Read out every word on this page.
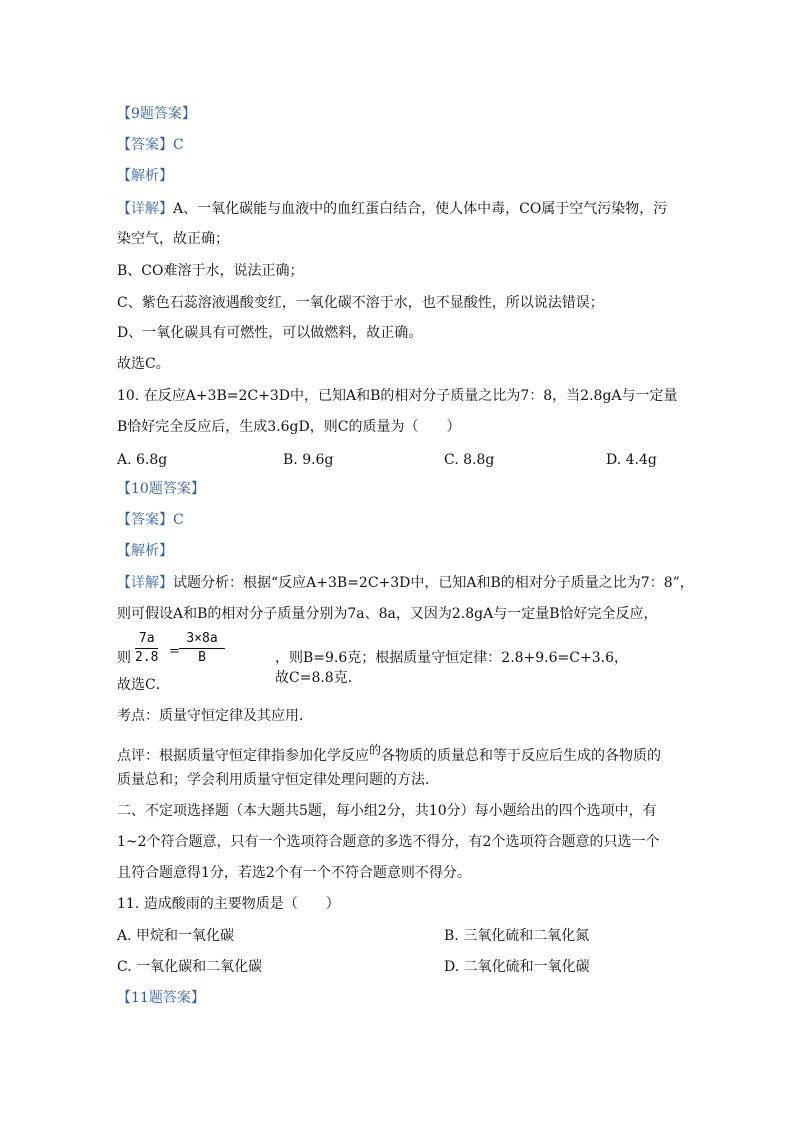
【9题答案】
【答案】C
【解析】
【详解】A、一氧化碳能与血液中的血红蛋白结合，使人体中毒，CO属于空气污染物，污
染空气，故正确；
B、CO难溶于水，说法正确；
C、紫色石蕊溶液遇酸变红，一氧化碳不溶于水，也不显酸性，所以说法错误；
D、一氧化碳具有可燃性，可以做燃料，故正确。
故选C。
10. 在反应A+3B=2C+3D中，已知A和B的相对分子质量之比为7：8，当2.8gA与一定量
B恰好完全反应后，生成3.6gD，则C的质量为（　　）
A. 6.8g	B. 9.6g	C. 8.8g	D. 4.4g
【10题答案】
【答案】C
【解析】
【详解】试题分析：根据“反应A+3B=2C+3D中，已知A和B的相对分子质量之比为7：8”，
则可假设A和B的相对分子质量分别为7a、8a，又因为2.8gA与一定量B恰好完全反应，
则 $\frac{7a}{2.8} = \frac{3\times 8a}{B}$	，则B=9.6克；根据质量守恒定律：2.8+9.6=C+3.6，故C=8.8克．
故选C．
考点：质量守恒定律及其应用．
点评：根据质量守恒定律指参加化学反应的各物质的质量总和等于反应后生成的各物质的
质量总和；学会利用质量守恒定律处理问题的方法．
二、不定项选择题（本大题共5题，每小组2分，共10分）每小题给出的四个选项中，有
1~2个符合题意，只有一个选项符合题意的多选不得分，有2个选项符合题意的只选一个
且符合题意得1分，若选2个有一个不符合题意则不得分。
11. 造成酸雨的主要物质是（　　）
A. 甲烷和一氧化碳	B. 三氧化硫和二氧化氮
C. 一氧化碳和二氧化碳	D. 二氧化硫和一氧化碳
【11题答案】
